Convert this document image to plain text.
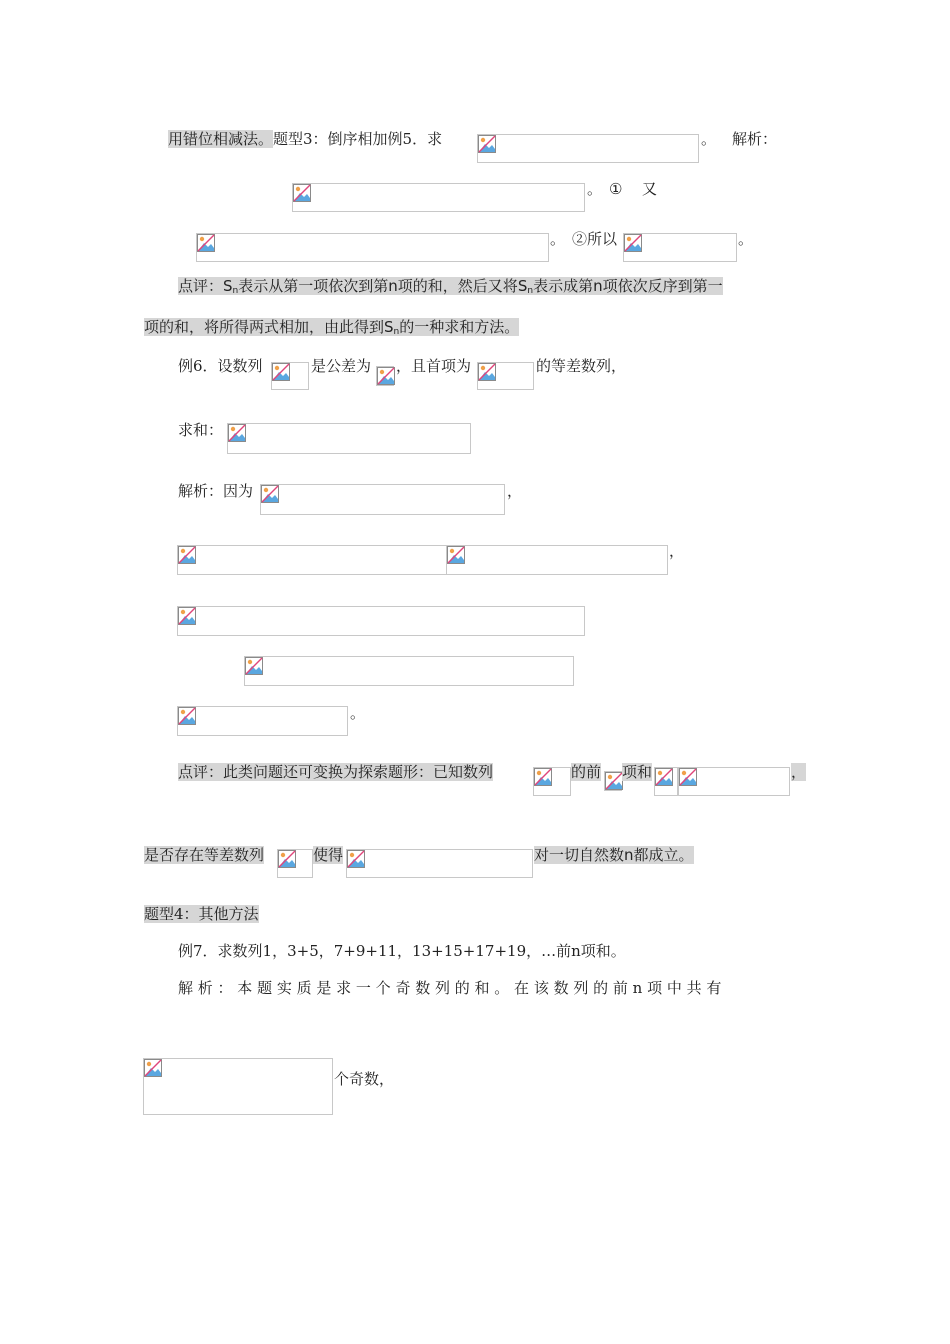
用错位相减法。题型3：倒序相加例5．求	。 解析：
。 ① 又
。 ②所以	。
点评：$S_n$表示从第一项依次到第n项的和，然后又将$S_n$表示成第n项依次反序到第一
项的和，将所得两式相加，由此得到$S_n$的一种求和方法。
例6．设数列	是公差为 ，且首项为	的等差数列，
求和：
解析：因为	，
，
。
点评：此类问题还可变换为探索题形：已知数列	的前 项和	，
是否存在等差数列	使得	对一切自然数n都成立。
题型4：其他方法
例7．求数列1，3+5，7+9+11，13+15+17+19，…前n项和。
解 析 ： 本 题 实 质 是 求 一 个 奇 数 列 的 和 。 在 该 数 列 的 前 n 项 中 共 有
个奇数，
